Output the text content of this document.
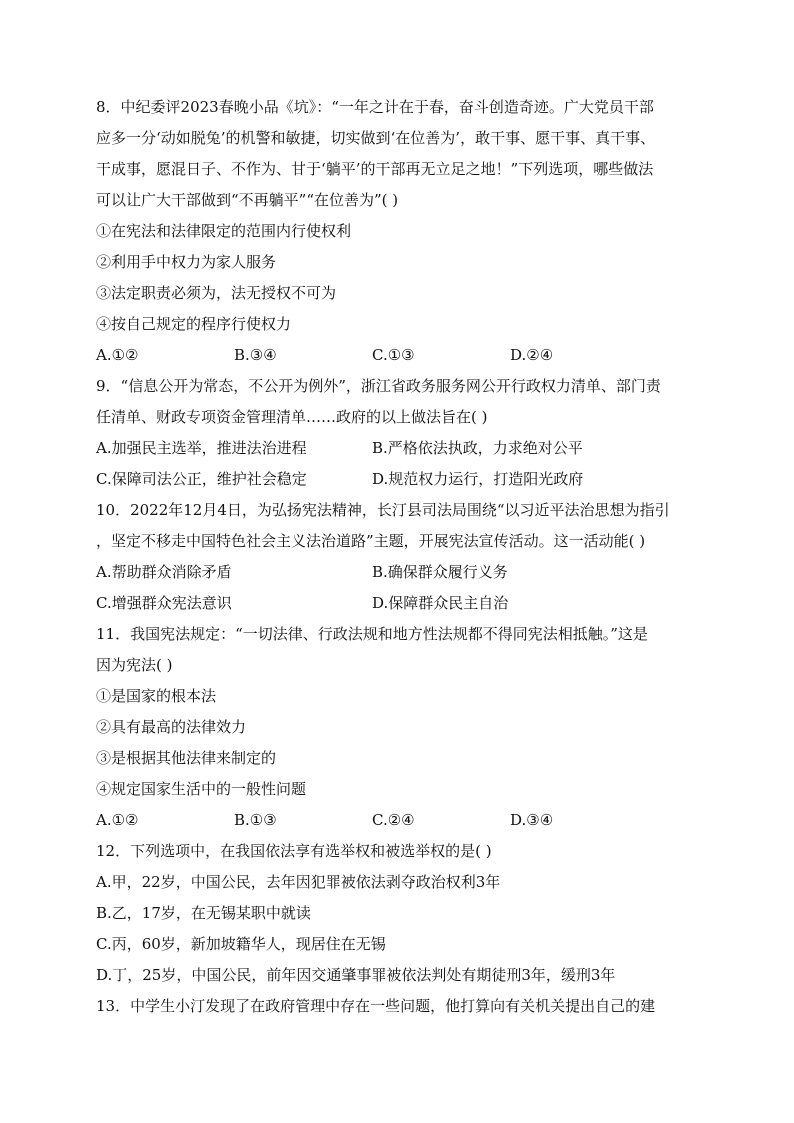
8．中纪委评2023春晚小品《坑》：“一年之计在于春，奋斗创造奇迹。广大党员干部
应多一分‘动如脱兔’的机警和敏捷，切实做到‘在位善为’，敢干事、愿干事、真干事、
干成事，愿混日子、不作为、甘于‘躺平’的干部再无立足之地！”下列选项，哪些做法
可以让广大干部做到“不再躺平”“在位善为”( )
①在宪法和法律限定的范围内行使权利
②利用手中权力为家人服务
③法定职责必须为，法无授权不可为
④按自己规定的程序行使权力
A.①②	B.③④	C.①③	D.②④
9．“信息公开为常态，不公开为例外”，浙江省政务服务网公开行政权力清单、部门责
任清单、财政专项资金管理清单……政府的以上做法旨在( )
A.加强民主选举，推进法治进程	B.严格依法执政，力求绝对公平
C.保障司法公正，维护社会稳定	D.规范权力运行，打造阳光政府
10．2022年12月4日，为弘扬宪法精神，长汀县司法局围绕“以习近平法治思想为指引
，坚定不移走中国特色社会主义法治道路”主题，开展宪法宣传活动。这一活动能( )
A.帮助群众消除矛盾	B.确保群众履行义务
C.增强群众宪法意识	D.保障群众民主自治
11．我国宪法规定：“一切法律、行政法规和地方性法规都不得同宪法相抵触。”这是
因为宪法( )
①是国家的根本法
②具有最高的法律效力
③是根据其他法律来制定的
④规定国家生活中的一般性问题
A.①②	B.①③	C.②④	D.③④
12．下列选项中，在我国依法享有选举权和被选举权的是( )
A.甲，22岁，中国公民，去年因犯罪被依法剥夺政治权利3年
B.乙，17岁，在无锡某职中就读
C.丙，60岁，新加坡籍华人，现居住在无锡
D.丁，25岁，中国公民，前年因交通肇事罪被依法判处有期徒刑3年，缓刑3年
13．中学生小汀发现了在政府管理中存在一些问题，他打算向有关机关提出自己的建
